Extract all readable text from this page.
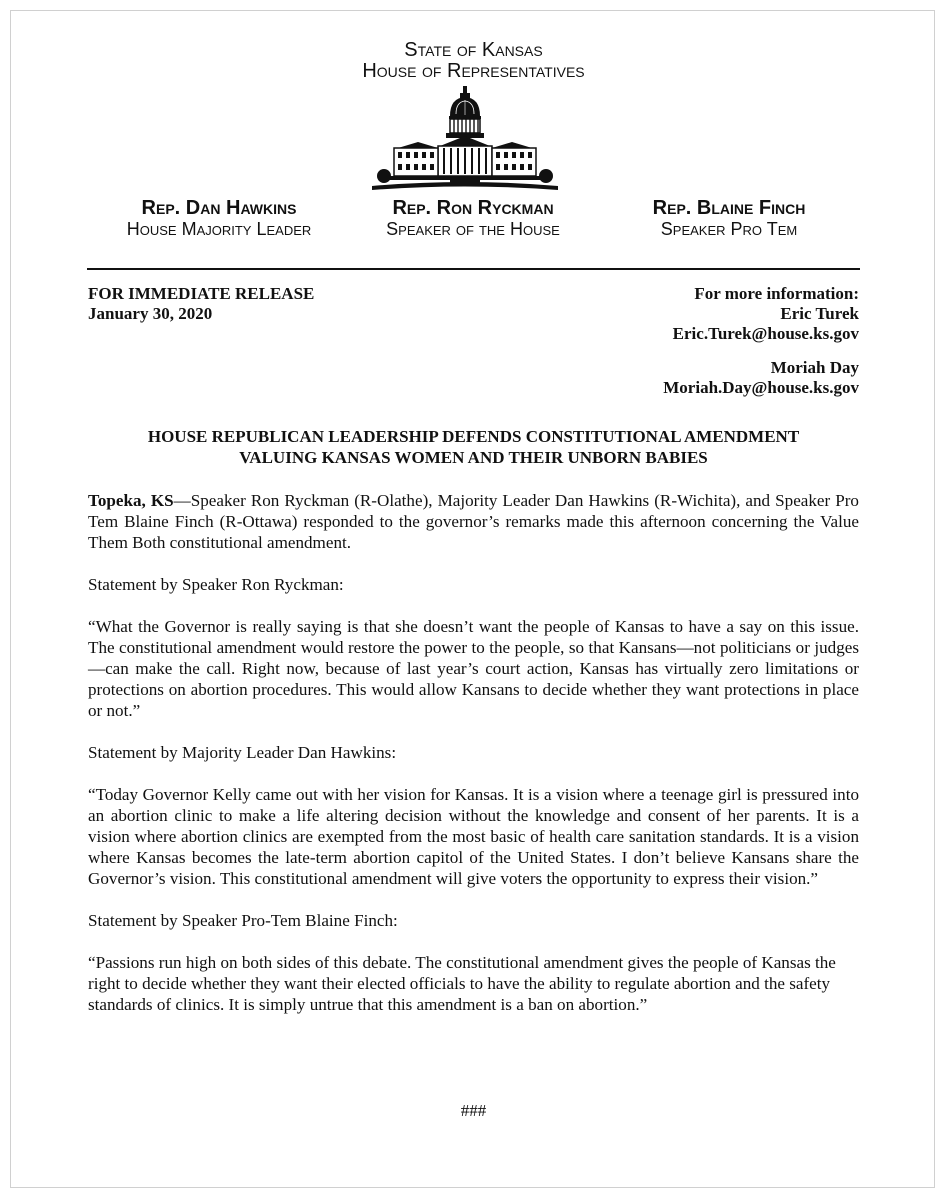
State of Kansas
House of Representatives
Rep. Dan Hawkins
House Majority Leader
Rep. Ron Ryckman
Speaker of the House
Rep. Blaine Finch
Speaker Pro Tem
FOR IMMEDIATE RELEASE
January 30, 2020
For more information:
Eric Turek
Eric.Turek@house.ks.gov
Moriah Day
Moriah.Day@house.ks.gov
HOUSE REPUBLICAN LEADERSHIP DEFENDS CONSTITUTIONAL AMENDMENT
VALUING KANSAS WOMEN AND THEIR UNBORN BABIES

Topeka, KS—Speaker Ron Ryckman (R-Olathe), Majority Leader Dan Hawkins (R-Wichita), and Speaker Pro Tem Blaine Finch (R-Ottawa) responded to the governor’s remarks made this afternoon concerning the Value Them Both constitutional amendment.

Statement by Speaker Ron Ryckman:

“What the Governor is really saying is that she doesn’t want the people of Kansas to have a say on this issue. The constitutional amendment would restore the power to the people, so that Kansans—not politicians or judges—can make the call. Right now, because of last year’s court action, Kansas has virtually zero limitations or protections on abortion procedures. This would allow Kansans to decide whether they want protections in place or not.”

Statement by Majority Leader Dan Hawkins:

“Today Governor Kelly came out with her vision for Kansas. It is a vision where a teenage girl is pressured into an abortion clinic to make a life altering decision without the knowledge and consent of her parents. It is a vision where abortion clinics are exempted from the most basic of health care sanitation standards. It is a vision where Kansas becomes the late-term abortion capitol of the United States. I don’t believe Kansans share the Governor’s vision. This constitutional amendment will give voters the opportunity to express their vision.”

Statement by Speaker Pro-Tem Blaine Finch:

“Passions run high on both sides of this debate. The constitutional amendment gives the people of Kansas the right to decide whether they want their elected officials to have the ability to regulate abortion and the safety standards of clinics. It is simply untrue that this amendment is a ban on abortion.”

###
